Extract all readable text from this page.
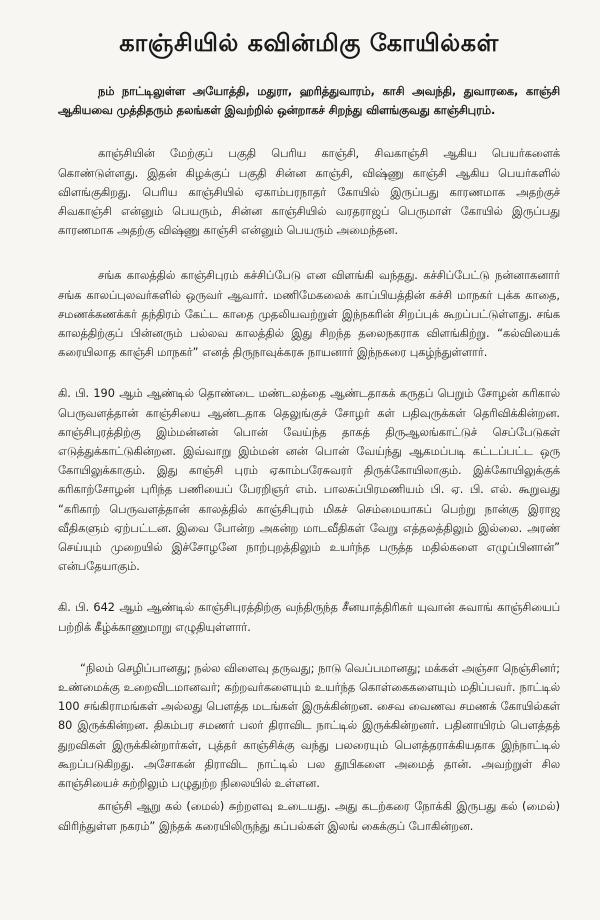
காஞ்சியில் கவின்மிகு கோயில்கள்

நம் நாட்டிலுள்ள அயோத்தி, மதுரா, ஹரித்துவாரம், காசி அவந்தி, துவாரகை, காஞ்சி ஆகியவை முத்திதரும் தலங்கள் இவற்றில் ஒன்றாகச் சிறந்து விளங்குவது காஞ்சிபுரம்.

காஞ்சியின் மேற்குப் பகுதி பெரிய காஞ்சி, சிவகாஞ்சி ஆகிய பெயர்களைக் கொண்டுள்ளது. இதன் கிழக்குப் பகுதி சின்ன காஞ்சி, விஷ்ணு காஞ்சி ஆகிய பெயர்களில் விளங்குகிறது. பெரிய காஞ்சியில் ஏகாம்பரநாதர் கோயில் இருப்பது காரணமாக அதற்குச் சிவகாஞ்சி என்னும் பெயரும், சின்ன காஞ்சியில் வரதராஜப் பெருமாள் கோயில் இருப்பது காரணமாக அதற்கு விஷ்ணு காஞ்சி என்னும் பெயரும் அமைந்தன.

சங்க காலத்தில் காஞ்சிபுரம் கச்சிப்பேடு என விளங்கி வந்தது. கச்சிப்பேட்டு நன்னாகனார் சங்க காலப்புலவர்களில் ஒருவர் ஆவார். மணிமேகலைக் காப்பியத்தின் கச்சி மாநகர் புக்க காதை, சமணக்கணக்கர் தந்திரம் கேட்ட காதை முதலியவற்றுள் இந்நகரின் சிறப்புக் கூறப்பட்டுள்ளது. சங்க காலத்திற்குப் பின்னரும் பல்லவ காலத்தில் இது சிறந்த தலைநகராக விளங்கிற்று. “கல்வியைக் கரையிலாத காஞ்சி மாநகர்” எனத் திருநாவுக்கரசு நாயனார் இந்நகரை புகழ்ந்துள்ளார்.

கி. பி. 190 ஆம் ஆண்டில் தொண்டை மண்டலத்தை ஆண்டதாகக் கருதப் பெறும் சோழன் கரிகால் பெருவளத்தான் காஞ்சியை ஆண்டதாக தெலுங்குச் சோழர் கள் பதிவுருக்கள் தெரிவிக்கின்றன. காஞ்சிபுரத்திற்கு இம்மன்னன் பொன் வேய்ந்த தாகத் திருஆலங்காட்டுச் செப்பேடுகள் எடுத்துக்காட்டுகின்றன. இவ்வாறு இம்மன் னன் பொன் வேய்ந்து ஆகமப்படி கட்டப்பட்ட ஒரு கோயிலுக்காகும். இது காஞ்சி புரம் ஏகாம்பரேசுவரர் திருக்கோயிலாகும். இக்கோயிலுக்குக் கரிகாற்சோழன் புரிந்த பணியைப் பேரறிஞர் எம். பாலசுப்பிரமணியம் பி. ஏ. பி. எல். கூறுவது “கரிகாற் பெருவளத்தான் காலத்தில் காஞ்சிபுரம் மிகச் செம்மையாகப் பெற்று நான்கு இராஜ வீதிகளும் ஏற்பட்டன. இவை போன்ற அகன்ற மாடவீதிகள் வேறு எத்தலத்திலும் இல்லை. அரண் செய்யும் முறையில் இச்சோழனே நாற்புறத்திலும் உயர்ந்த பருத்த மதில்களை எழுப்பினான்” என்பதேயாகும்.

கி. பி. 642 ஆம் ஆண்டில் காஞ்சிபுரத்திற்கு வந்திருந்த சீனயாத்திரிகர் யுவான் சுவாங் காஞ்சியைப் பற்றிக் கீழ்க்காணுமாறு எழுதியுள்ளார்.

“நிலம் செழிப்பானது; நல்ல விளைவு தருவது; நாடு வெப்பமானது; மக்கள் அஞ்சா நெஞ்சினர்; உண்மைக்கு உறைவிடமானவர்; கற்றவர்களையும் உயர்ந்த கொள்கைகளையும் மதிப்பவர். நாட்டில் 100 சங்கிராமங்கள் அல்லது பௌத்த மடங்கள் இருக்கின்றன. சைவ வைணவ சமணக் கோயில்கள் 80 இருக்கின்றன. திகம்பர சமணர் பலர் திராவிட நாட்டில் இருக்கின்றனர். பதினாயிரம் பௌத்தத் துறவிகள் இருக்கின்றார்கள், புத்தர் காஞ்சிக்கு வந்து பலரையும் பௌத்தராக்கியதாக இந்நாட்டில் கூறப்படுகிறது. அசோகன் திராவிட நாட்டில் பல தூபிகளை அமைத் தான். அவற்றுள் சில காஞ்சியைச் சுற்றிலும் பழுதுற்ற நிலையில் உள்ளன.

காஞ்சி ஆறு கல் (மைல்) சுற்றளவு உடையது. அது கடற்கரை நோக்கி இருபது கல் (மைல்) விரிந்துள்ள நகரம்” இந்தக் கரையிலிருந்து கப்பல்கள் இலங் கைக்குப் போகின்றன.
